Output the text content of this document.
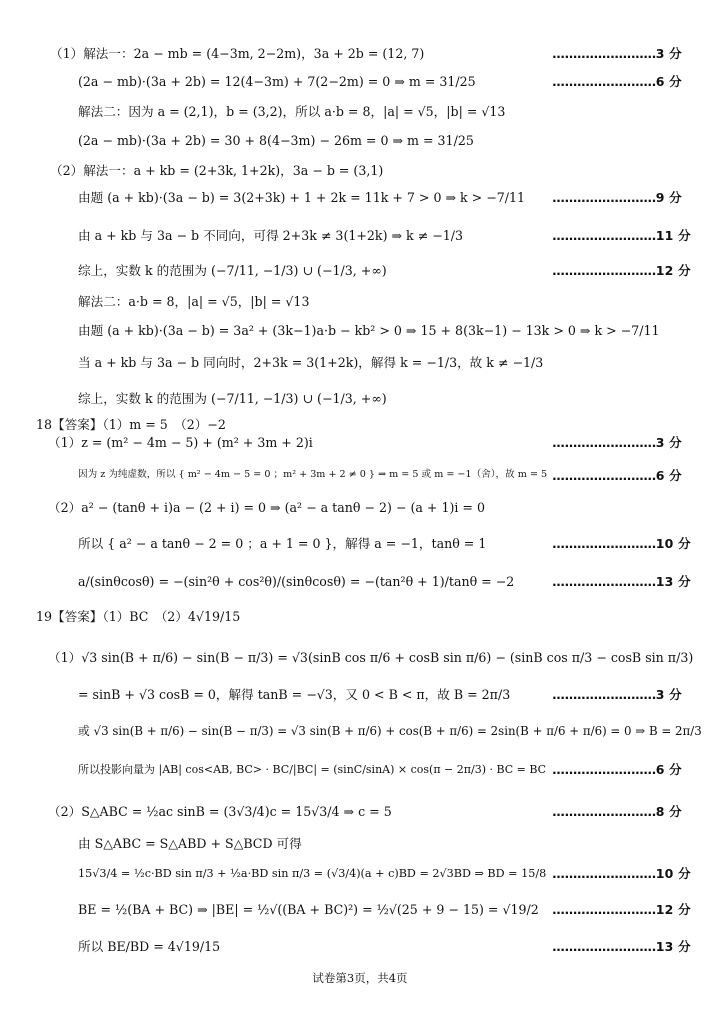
（1）解法一：2a − mb = (4−3m, 2−2m)，3a + 2b = (12, 7)	.........................3 分
(2a − mb)·(3a + 2b) = 12(4−3m) + 7(2−2m) = 0 ⇒ m = 31/25	.........................6 分
解法二：因为 a = (2,1)，b = (3,2)，所以 a·b = 8，|a| = √5，|b| = √13
(2a − mb)·(3a + 2b) = 30 + 8(4−3m) − 26m = 0 ⇒ m = 31/25
（2）解法一：a + kb = (2+3k, 1+2k)，3a − b = (3,1)
由题 (a + kb)·(3a − b) = 3(2+3k) + 1 + 2k = 11k + 7 > 0 ⇒ k > −7/11 .........................9 分
由 a + kb 与 3a − b 不同向，可得 2+3k ≠ 3(1+2k) ⇒ k ≠ −1/3	.........................11 分
综上，实数 k 的范围为 (−7/11, −1/3) ∪ (−1/3, +∞)	.........................12 分
解法二：a·b = 8，|a| = √5，|b| = √13
由题 (a + kb)·(3a − b) = 3a² + (3k−1)a·b − kb² > 0 ⇒ 15 + 8(3k−1) − 13k > 0 ⇒ k > −7/11
当 a + kb 与 3a − b 同向时，2+3k = 3(1+2k)，解得 k = −1/3，故 k ≠ −1/3
综上，实数 k 的范围为 (−7/11, −1/3) ∪ (−1/3, +∞)
18【答案】（1）m = 5　（2）−2
（1）z = (m² − 4m − 5) + (m² + 3m + 2)i	.........................3 分
因为 z 为纯虚数，所以 { m² − 4m − 5 = 0 ；m² + 3m + 2 ≠ 0 } ⇒ m = 5 或 m = −1（舍），故 m = 5 .........................6 分
（2）a² − (tanθ + i)a − (2 + i) = 0 ⇒ (a² − a tanθ − 2) − (a + 1)i = 0
所以 { a² − a tanθ − 2 = 0 ；a + 1 = 0 }，解得 a = −1，tanθ = 1	.........................10 分
a/(sinθcosθ) = −(sin²θ + cos²θ)/(sinθcosθ) = −(tan²θ + 1)/tanθ = −2	.........................13 分
19【答案】（1）BC　（2）4√19/15
（1）√3 sin(B + π/6) − sin(B − π/3) = √3(sinB cos π/6 + cosB sin π/6) − (sinB cos π/3 − cosB sin π/3)
= sinB + √3 cosB = 0，解得 tanB = −√3，又 0 < B < π，故 B = 2π/3	.........................3 分
或 √3 sin(B + π/6) − sin(B − π/3) = √3 sin(B + π/6) + cos(B + π/6) = 2sin(B + π/6 + π/6) = 0 ⇒ B = 2π/3
所以投影向量为 |AB| cos<AB, BC> · BC/|BC| = (sinC/sinA) × cos(π − 2π/3) · BC = BC .........................6 分
（2）S△ABC = ½ac sinB = (3√3/4)c = 15√3/4 ⇒ c = 5	.........................8 分
由 S△ABC = S△ABD + S△BCD 可得
15√3/4 = ½c·BD sin π/3 + ½a·BD sin π/3 = (√3/4)(a + c)BD = 2√3BD ⇒ BD = 15/8 .........................10 分
BE = ½(BA + BC) ⇒ |BE| = ½√((BA + BC)²) = ½√(25 + 9 − 15) = √19/2 .........................12 分
所以 BE/BD = 4√19/15	.........................13 分
试卷第3页，共4页
